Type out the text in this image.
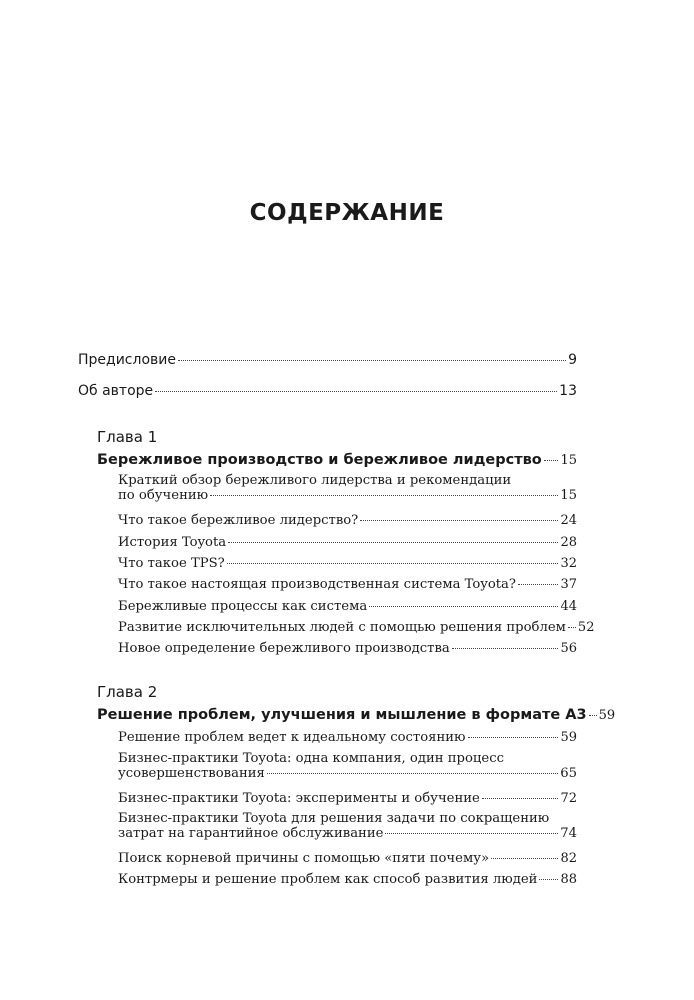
СОДЕРЖАНИЕ
Предисловие	9
Об авторе	13
Глава 1
Бережливое производство и бережливое лидерство 15
Краткий обзор бережливого лидерства и рекомендации
по обучению	15
Что такое бережливое лидерство?	24
История Toyota	28
Что такое TPS?	32
Что такое настоящая производственная система Toyota?	37
Бережливые процессы как система	44
Развитие исключительных людей с помощью решения проблем 52
Новое определение бережливого производства	56
Глава 2
Решение проблем, улучшения и мышление в формате А3 59
Решение проблем ведет к идеальному состоянию	59
Бизнес-практики Toyota: одна компания, один процесс
усовершенствования	65
Бизнес-практики Toyota: эксперименты и обучение	72
Бизнес-практики Toyota для решения задачи по сокращению
затрат на гарантийное обслуживание	74
Поиск корневой причины с помощью «пяти почему»	82
Контрмеры и решение проблем как способ развития людей 88
